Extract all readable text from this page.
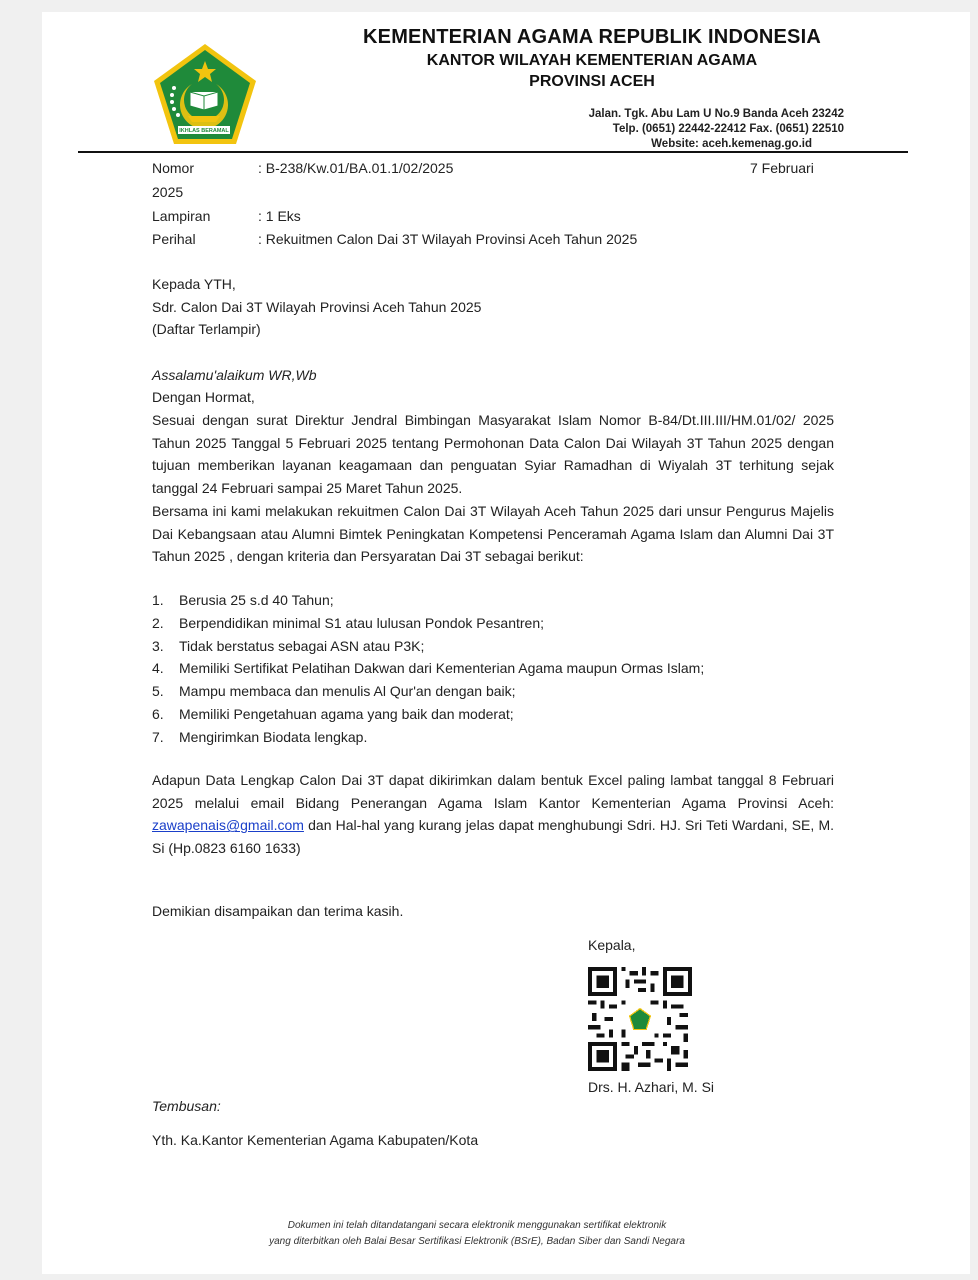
IKHLAS BERAMAL
KEMENTERIAN AGAMA REPUBLIK INDONESIA
KANTOR WILAYAH KEMENTERIAN AGAMA
PROVINSI ACEH
Jalan. Tgk. Abu Lam U No.9 Banda Aceh 23242
Telp. (0651) 22442-22412 Fax. (0651) 22510
Website: aceh.kemenag.go.id
Nomor	: B-238/Kw.01/BA.01.1/02/2025	7 Februari
2025
Lampiran	: 1 Eks
Perihal	: Rekuitmen Calon Dai 3T Wilayah Provinsi Aceh Tahun 2025
Kepada YTH,
Sdr. Calon Dai 3T Wilayah Provinsi Aceh Tahun 2025
(Daftar Terlampir)
Assalamu'alaikum WR,Wb
Dengan Hormat,
Sesuai dengan surat Direktur Jendral Bimbingan Masyarakat Islam Nomor B-84/Dt.III.III/HM.01/02/ 2025 Tahun 2025 Tanggal 5 Februari 2025 tentang Permohonan Data Calon Dai Wilayah 3T Tahun 2025 dengan tujuan memberikan layanan keagamaan dan penguatan Syiar Ramadhan di Wiyalah 3T terhitung sejak tanggal 24 Februari sampai 25 Maret Tahun 2025.
Bersama ini kami melakukan rekuitmen Calon Dai 3T Wilayah Aceh Tahun 2025 dari unsur Pengurus Majelis Dai Kebangsaan atau Alumni Bimtek Peningkatan Kompetensi Penceramah Agama Islam dan Alumni Dai 3T Tahun 2025 , dengan kriteria dan Persyaratan Dai 3T sebagai berikut:
1.	Berusia 25 s.d 40 Tahun;
2.	Berpendidikan minimal S1 atau lulusan Pondok Pesantren;
3.	Tidak berstatus sebagai ASN atau P3K;
4.	Memiliki Sertifikat Pelatihan Dakwan dari Kementerian Agama maupun Ormas Islam;
5.	Mampu membaca dan menulis Al Qur'an dengan baik;
6.	Memiliki Pengetahuan agama yang baik dan moderat;
7.	Mengirimkan Biodata lengkap.
Adapun Data Lengkap Calon Dai 3T dapat dikirimkan dalam bentuk Excel paling lambat tanggal 8 Februari 2025 melalui email Bidang Penerangan Agama Islam Kantor Kementerian Agama Provinsi Aceh: zawapenais@gmail.com dan Hal-hal yang kurang jelas dapat menghubungi Sdri. HJ. Sri Teti Wardani, SE, M. Si (Hp.0823 6160 1633)
Demikian disampaikan dan terima kasih.
Kepala,
Drs. H. Azhari, M. Si
Tembusan:
Yth. Ka.Kantor Kementerian Agama Kabupaten/Kota
Dokumen ini telah ditandatangani secara elektronik menggunakan sertifikat elektronik
yang diterbitkan oleh Balai Besar Sertifikasi Elektronik (BSrE), Badan Siber dan Sandi Negara
